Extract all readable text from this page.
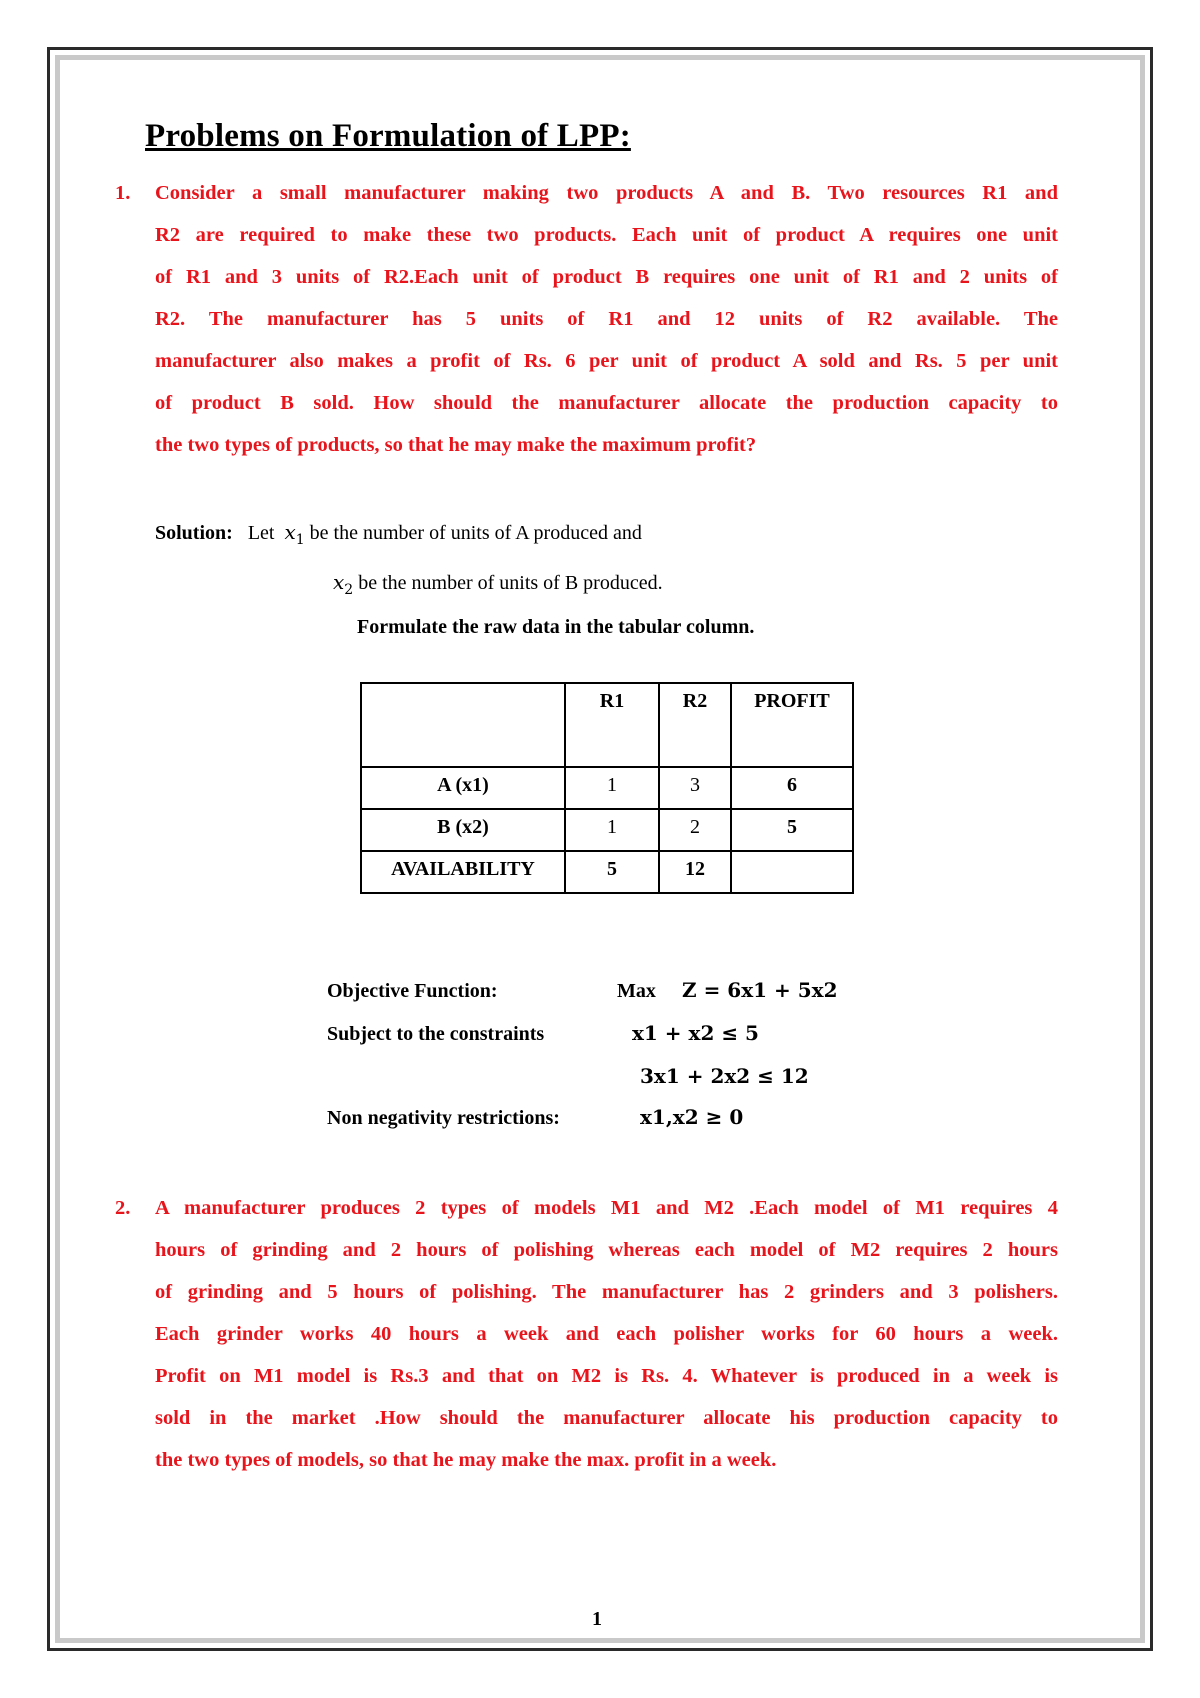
Problems on Formulation of LPP:
1. Consider a small manufacturer making two products A and B. Two resources R1 and
R2 are required to make these two products. Each unit of product A requires one unit
of R1 and 3 units of R2.Each unit of product B requires one unit of R1 and 2 units of
R2. The manufacturer has 5 units of R1 and 12 units of R2 available. The
manufacturer also makes a profit of Rs. 6 per unit of product A sold and Rs. 5 per unit
of product B sold. How should the manufacturer allocate the production capacity to
the two types of products, so that he may make the maximum profit?
Solution: Let $x_1$ be the number of units of A produced and
$x_2$ be the number of units of B produced.
Formulate the raw data in the tabular column.
	R1	R2	PROFIT
A (x1)	1	3	6
B (x2)	1	2	5
AVAILABILITY	5	12	
Objective Function:	Max Z = 6x1 + 5x2
Subject to the constraints	x1 + x2 ≤ 5
3x1 + 2x2 ≤ 12
Non negativity restrictions:	x1,x2 ≥ 0
2. A manufacturer produces 2 types of models M1 and M2 .Each model of M1 requires 4
hours of grinding and 2 hours of polishing whereas each model of M2 requires 2 hours
of grinding and 5 hours of polishing. The manufacturer has 2 grinders and 3 polishers.
Each grinder works 40 hours a week and each polisher works for 60 hours a week.
Profit on M1 model is Rs.3 and that on M2 is Rs. 4. Whatever is produced in a week is
sold in the market .How should the manufacturer allocate his production capacity to
the two types of models, so that he may make the max. profit in a week.
1
